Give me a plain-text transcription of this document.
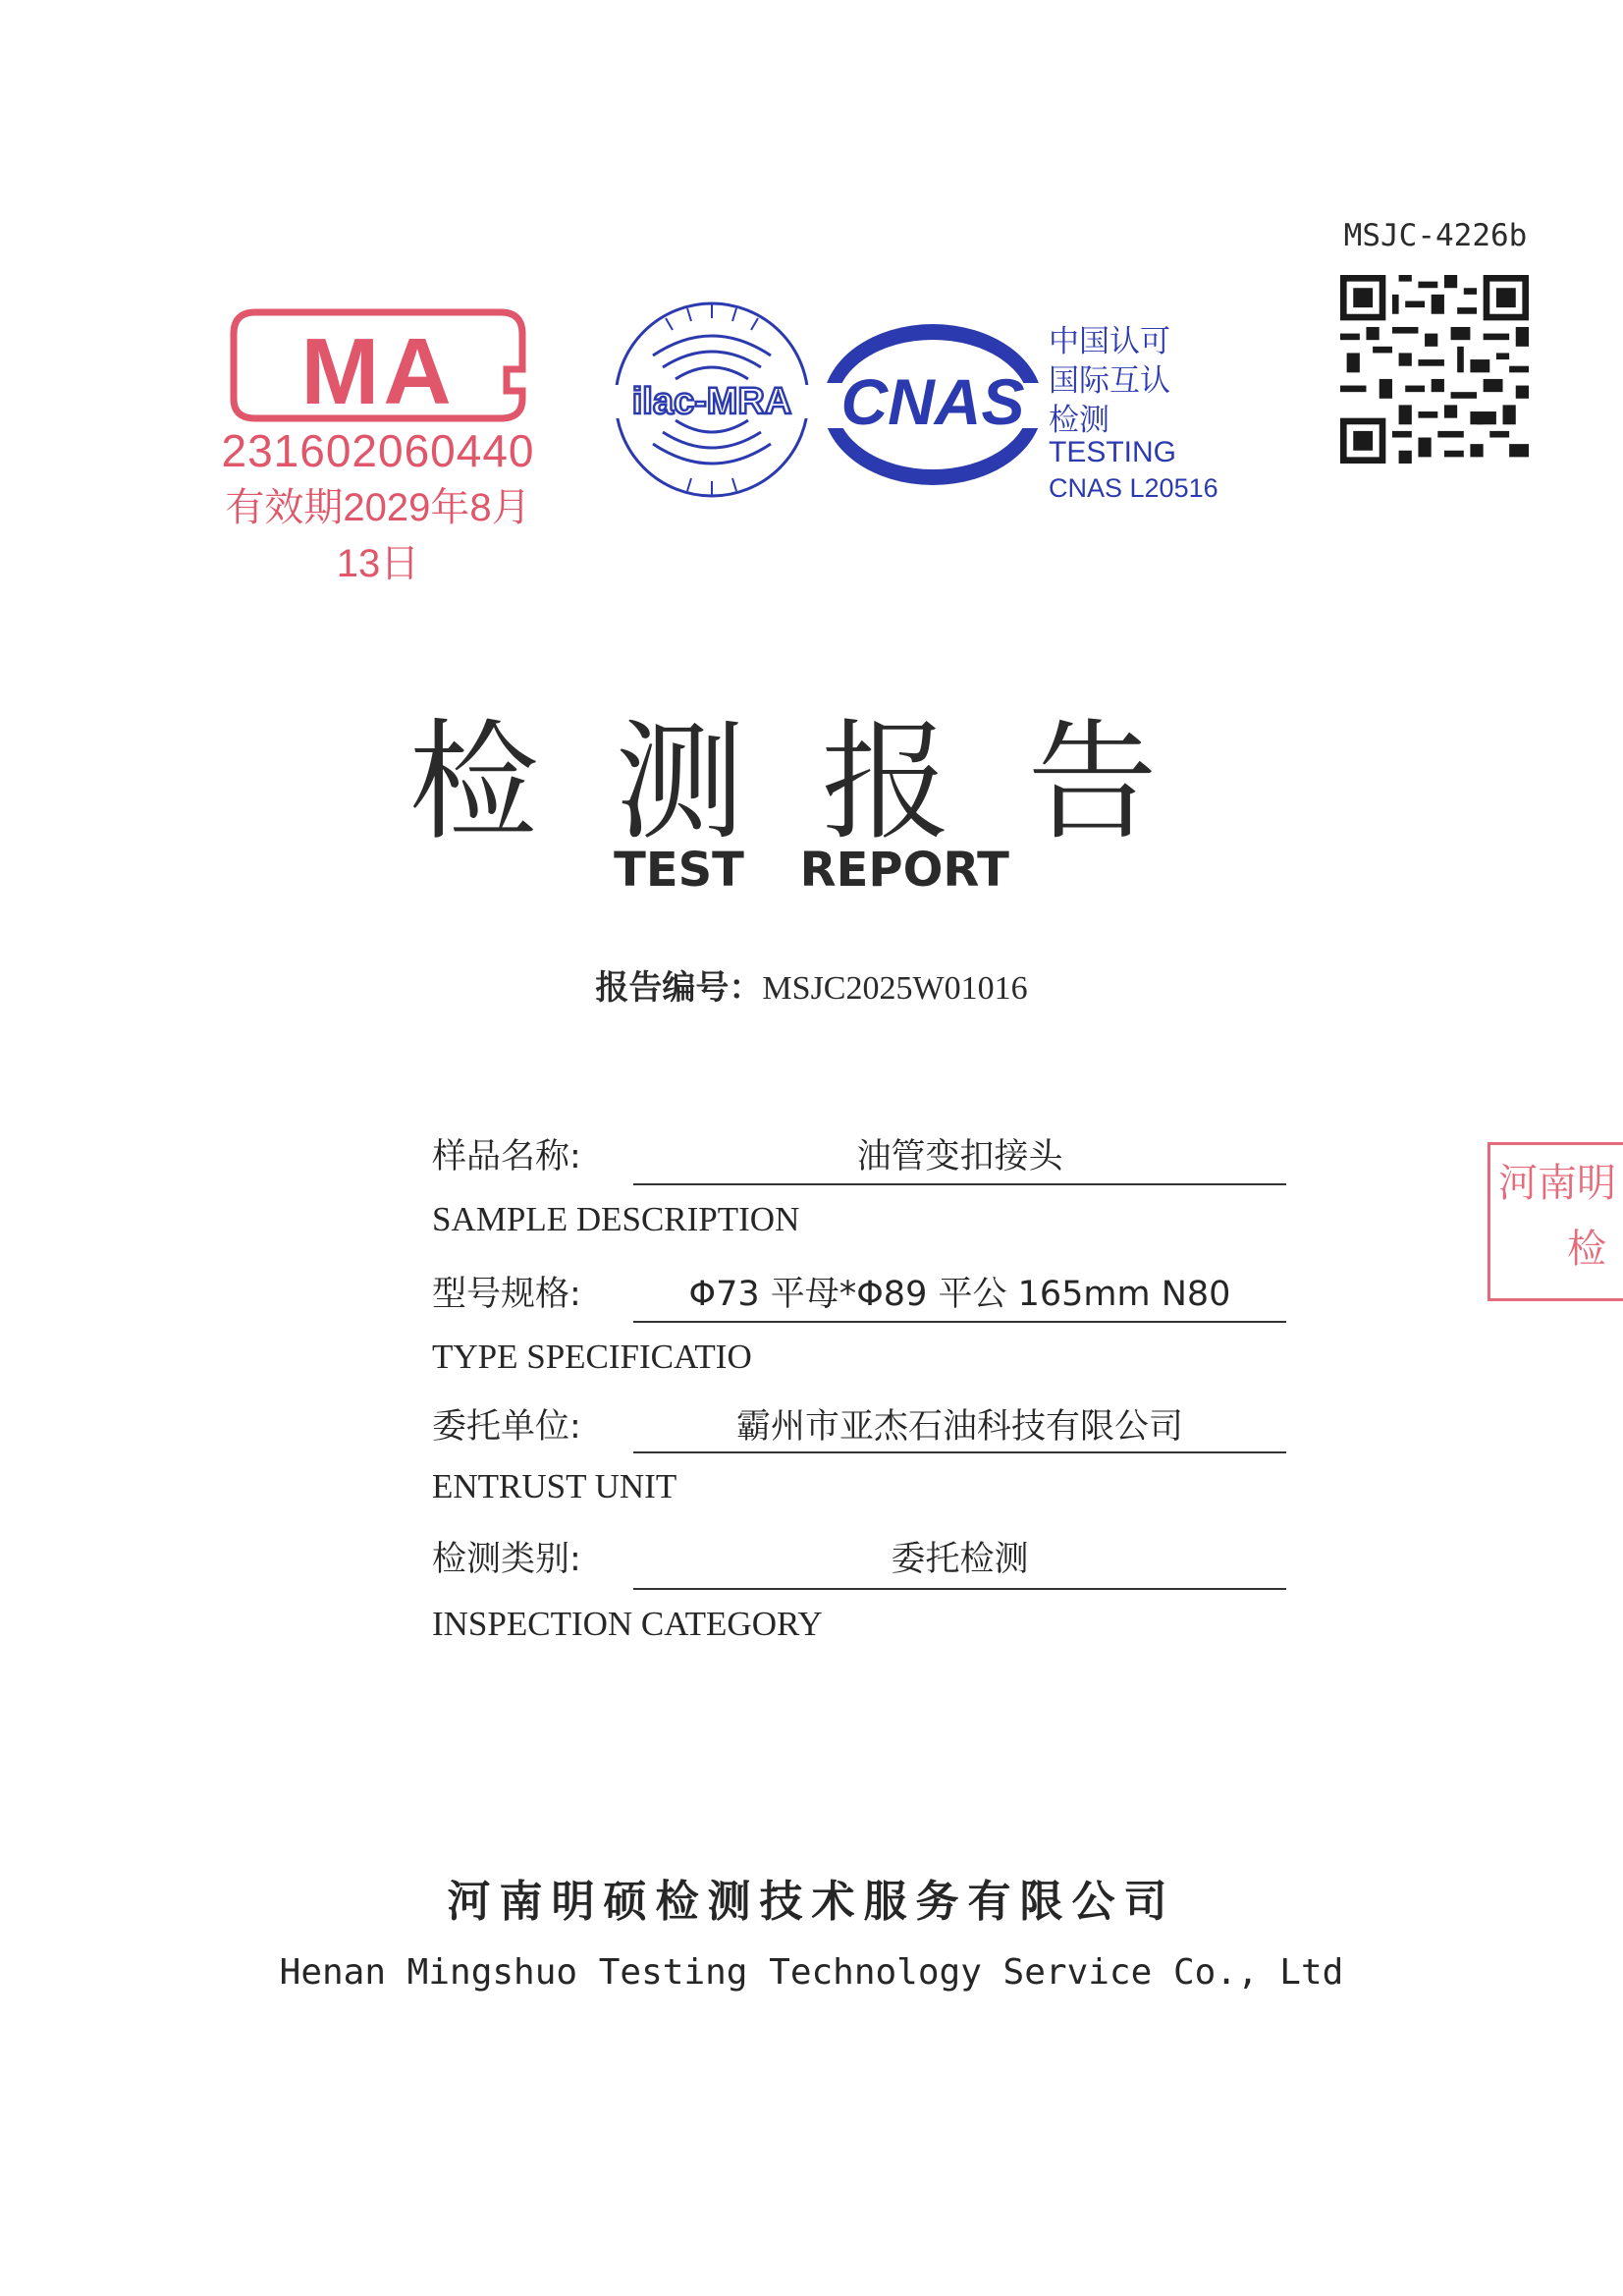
MSJC-4226b
MA
231602060440
有效期2029年8月13日
ilac-MRA CNAS
中国认可
国际互认
检测
TESTING
CNAS L20516
检测报告
TEST REPORT
报告编号：MSJC2025W01016
样品名称:	油管变扣接头
SAMPLE DESCRIPTION
型号规格:	Φ73 平母*Φ89 平公 165mm N80
TYPE SPECIFICATIO
委托单位:	霸州市亚杰石油科技有限公司
ENTRUST UNIT
检测类别:	委托检测
INSPECTION CATEGORY
河南明
检
河南明硕检测技术服务有限公司
Henan Mingshuo Testing Technology Service Co., Ltd
